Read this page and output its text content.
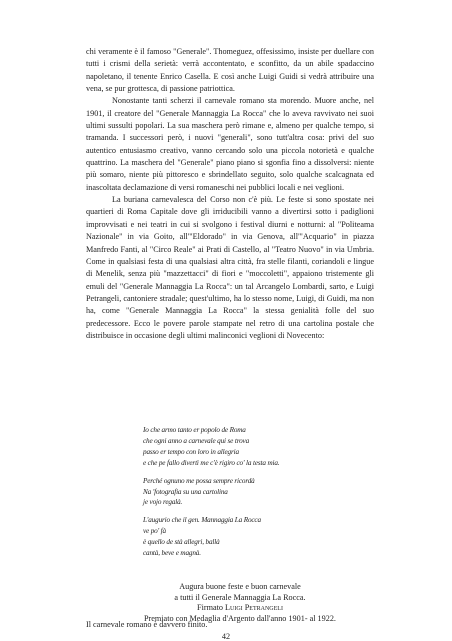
chi veramente è il famoso "Generale". Thomeguez, offesissimo, insiste per duellare con tutti i crismi della serietà: verrà accontentato, e sconfitto, da un abile spadaccino napoletano, il tenente Enrico Casella. E così anche Luigi Guidi si vedrà attribuire una vena, se pur grottesca, di passione patriottica.

Nonostante tanti scherzi il carnevale romano sta morendo. Muore anche, nel 1901, il creatore del "Generale Mannaggia La Rocca" che lo aveva ravvivato nei suoi ultimi sussulti popolari. La sua maschera però rimane e, almeno per qualche tempo, si tramanda. I successori però, i nuovi "generali", sono tutt'altra cosa: privi del suo autentico entusiasmo creativo, vanno cercando solo una piccola notorietà e qualche quattrino. La maschera del "Generale" piano piano si sgonfia fino a dissolversi: niente più somaro, niente più pittoresco e sbrindellato seguito, solo qualche scalcagnata ed inascoltata declamazione di versi romaneschi nei pubblici locali e nei veglioni.

La buriana carnevalesca del Corso non c'è più. Le feste si sono spostate nei quartieri di Roma Capitale dove gli irriducibili vanno a divertirsi sotto i padiglioni improvvisati e nei teatri in cui si svolgono i festival diurni e notturni: al "Politeama Nazionale" in via Goito, all'"Eldorado" in via Genova, all'"Acquario" in piazza Manfredo Fanti, al "Circo Reale" ai Prati di Castello, al "Teatro Nuovo" in via Umbria. Come in qualsiasi festa di una qualsiasi altra città, fra stelle filanti, coriandoli e lingue di Menelik, senza più "mazzettacci" di fiori e "moccoletti", appaiono tristemente gli emuli del "Generale Mannaggia La Rocca": un tal Arcangelo Lombardi, sarto, e Luigi Petrangeli, cantoniere stradale; quest'ultimo, ha lo stesso nome, Luigi, di Guidi, ma non ha, come "Generale Mannaggia La Rocca" la stessa genialità folle del suo predecessore. Ecco le povere parole stampate nel retro di una cartolina postale che distribuisce in occasione degli ultimi malinconici veglioni di Novecento:

Io che armo tanto er popolo de Roma
che ogni anno a carnevale qui se trova
passo er tempo con loro in allegria
e che pe fallo divertì me c'è rigiro co' la testa mia.
Perché ognuno me possa sempre ricordà
Na 'fotografia su una cartolina
je vojo regalà.
L'augurio che il gen. Mannaggia La Rocca
ve po' fà
è quello de stà allegri, ballà
cantà, beve e magnà.
Augura buone feste e buon carnevale
a tutti il Generale Mannaggia La Rocca.
Firmato Luigi Petrangeli
Premiato con Medaglia d'Argento dall'anno 1901- al 1922.
Il carnevale romano è davvero finito.
42
